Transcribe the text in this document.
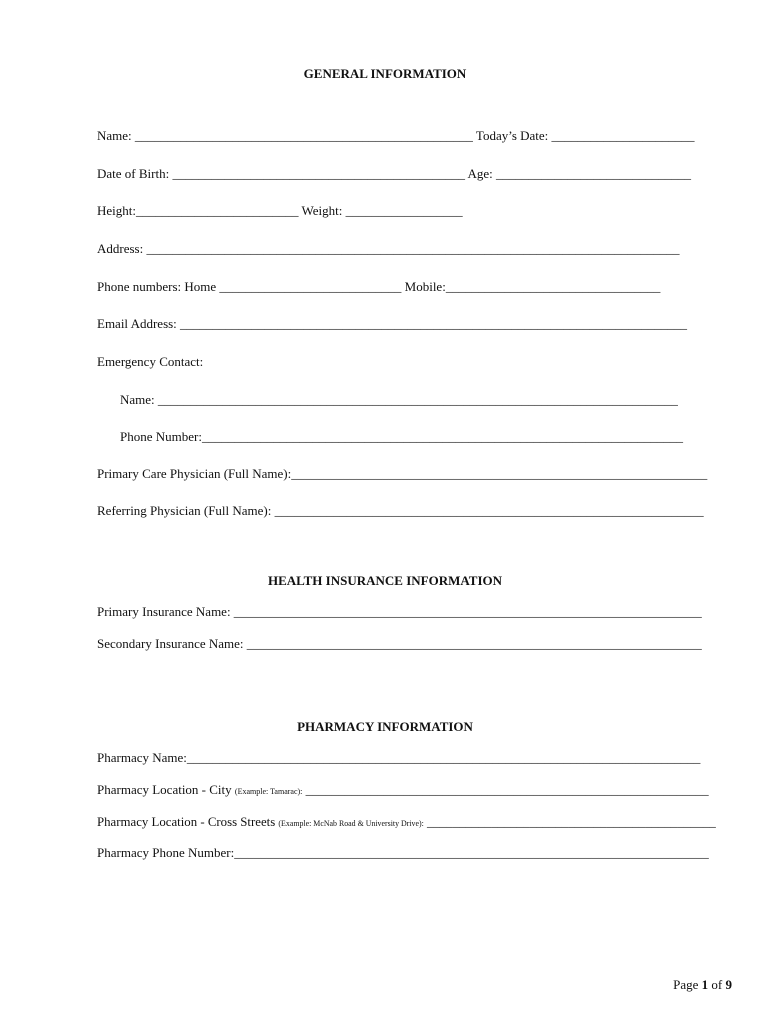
GENERAL INFORMATION
Name: ____________________________________________________ Today’s Date: ______________________
Date of Birth: _____________________________________________ Age: ______________________________
Height:_________________________ Weight: __________________
Address: __________________________________________________________________________________
Phone numbers: Home ____________________________ Mobile:_________________________________
Email Address: ______________________________________________________________________________
Emergency Contact:
Name: ________________________________________________________________________________
Phone Number:__________________________________________________________________________
Primary Care Physician (Full Name):________________________________________________________________
Referring Physician (Full Name): __________________________________________________________________
HEALTH INSURANCE INFORMATION
Primary Insurance Name: ________________________________________________________________________
Secondary Insurance Name: ______________________________________________________________________
PHARMACY INFORMATION
Pharmacy Name:_______________________________________________________________________________
Pharmacy Location - City (Example: Tamarac): ______________________________________________________________
Pharmacy Location - Cross Streets (Example: McNab Road & University Drive): _____________________________________________
Pharmacy Phone Number:_________________________________________________________________________
Page 1 of 9
